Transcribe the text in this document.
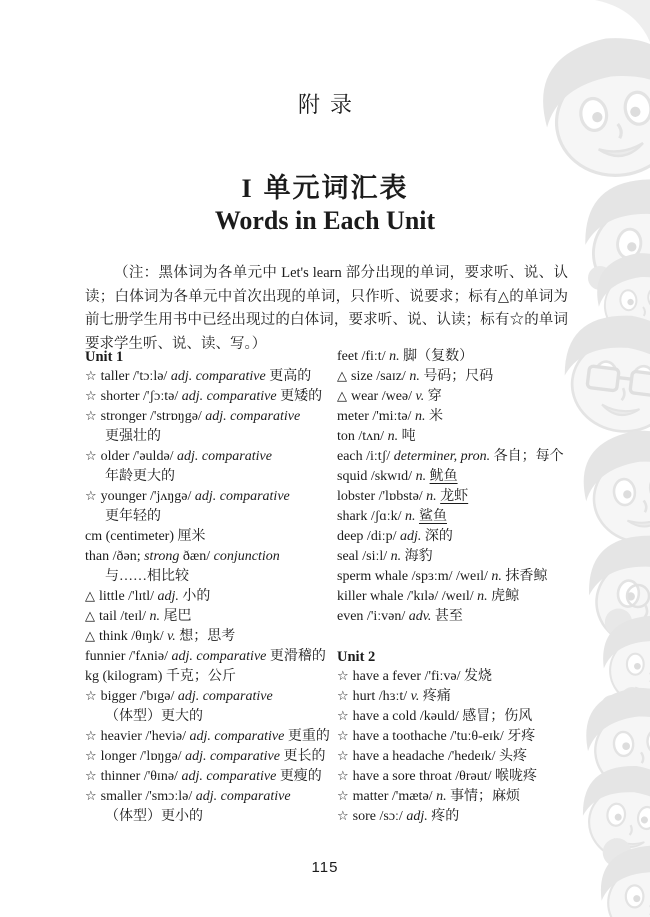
附录
I 单元词汇表
Words in Each Unit
（注：黑体词为各单元中 Let's learn 部分出现的单词，要求听、说、认读；白体词为各单元中首次出现的单词，只作听、说要求；标有△的单词为前七册学生用书中已经出现过的白体词，要求听、说、认读；标有☆的单词要求学生听、说、读、写。）
Unit 1
☆ taller /'tɔːlə/ adj. comparative 更高的
☆ shorter /'ʃɔːtə/ adj. comparative 更矮的
☆ stronger /'strɒŋgə/ adj. comparative
更强壮的
☆ older /'əuldə/ adj. comparative
年龄更大的
☆ younger /'jʌŋgə/ adj. comparative
更年轻的
cm (centimeter) 厘米
than /ðən; strong ðæn/ conjunction
与……相比较
△ little /'lɪtl/ adj. 小的
△ tail /teɪl/ n. 尾巴
△ think /θɪŋk/ v. 想；思考
funnier /'fʌniə/ adj. comparative 更滑稽的
kg (kilogram) 千克；公斤
☆ bigger /'bɪgə/ adj. comparative
（体型）更大的
☆ heavier /'heviə/ adj. comparative 更重的
☆ longer /'lɒŋgə/ adj. comparative 更长的
☆ thinner /'θɪnə/ adj. comparative 更瘦的
☆ smaller /'smɔːlə/ adj. comparative
（体型）更小的
feet /fiːt/ n. 脚（复数）
△ size /saɪz/ n. 号码；尺码
△ wear /weə/ v. 穿
meter /'miːtə/ n. 米
ton /tʌn/ n. 吨
each /iːtʃ/ determiner, pron. 各自；每个
squid /skwɪd/ n. 鱿鱼
lobster /'lɒbstə/ n. 龙虾
shark /ʃɑːk/ n. 鲨鱼
deep /diːp/ adj. 深的
seal /siːl/ n. 海豹
sperm whale /spɜːm/ /weɪl/ n. 抹香鲸
killer whale /'kɪlə/ /weɪl/ n. 虎鲸
even /'iːvən/ adv. 甚至
Unit 2
☆ have a fever /'fiːvə/ 发烧
☆ hurt /hɜːt/ v. 疼痛
☆ have a cold /kəuld/ 感冒；伤风
☆ have a toothache /'tuːθ-eɪk/ 牙疼
☆ have a headache /'hedeɪk/ 头疼
☆ have a sore throat /θrəut/ 喉咙疼
☆ matter /'mætə/ n. 事情；麻烦
☆ sore /sɔː/ adj. 疼的
115
